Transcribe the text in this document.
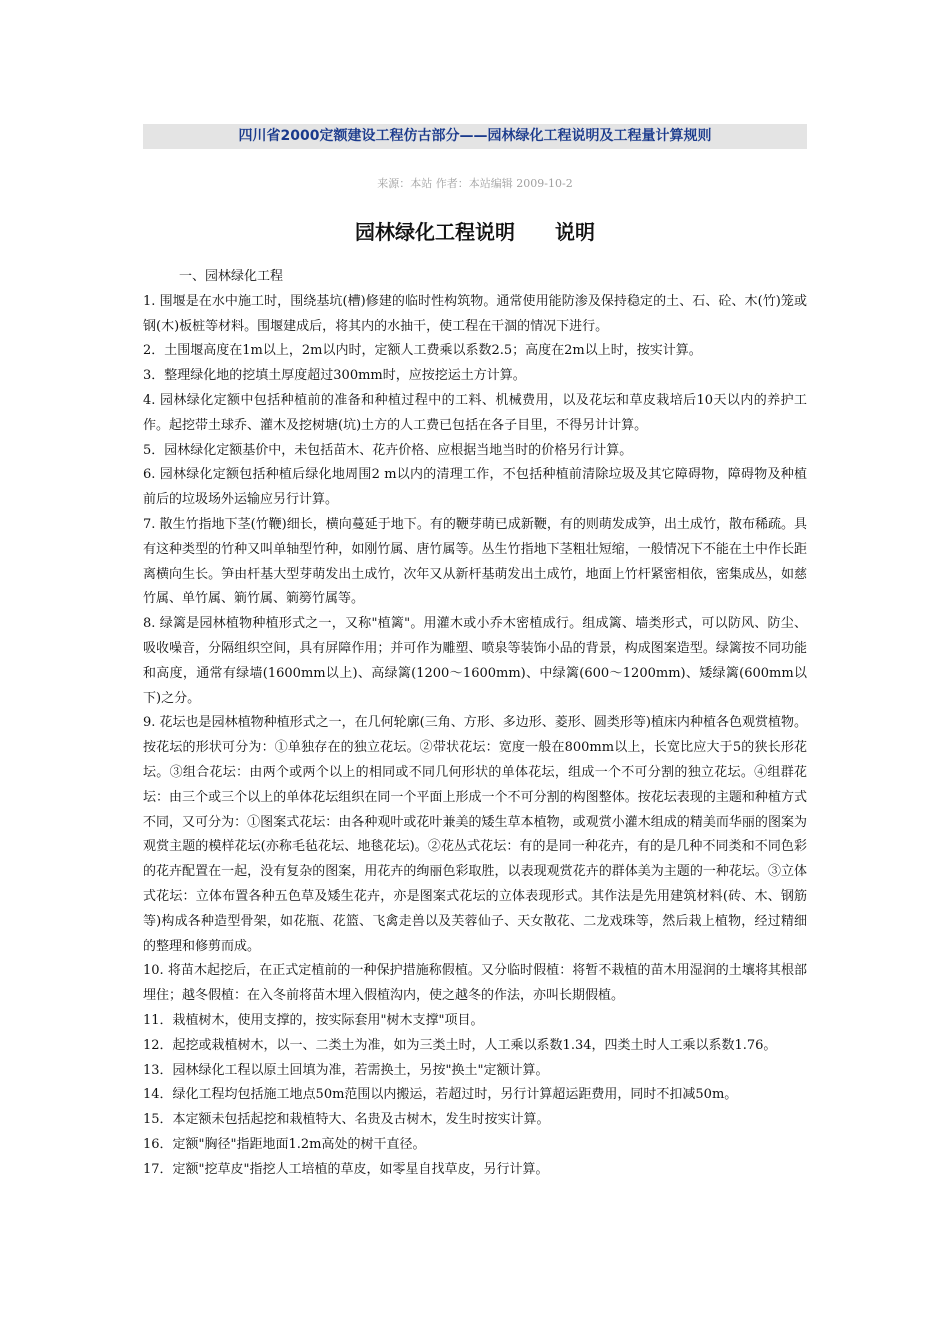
四川省2000定额建设工程仿古部分——园林绿化工程说明及工程量计算规则
来源：本站 作者：本站编辑 2009-10-2
园林绿化工程说明　　说明

一、园林绿化工程

1. 围堰是在水中施工时，围绕基坑(槽)修建的临时性构筑物。通常使用能防渗及保持稳定的土、石、砼、木(竹)笼或钢(木)板桩等材料。围堰建成后，将其内的水抽干，使工程在干涸的情况下进行。

2．土围堰高度在1m以上，2m以内时，定额人工费乘以系数2.5；高度在2m以上时，按实计算。

3．整理绿化地的挖填土厚度超过300mm时，应按挖运土方计算。

4. 园林绿化定额中包括种植前的准备和种植过程中的工料、机械费用，以及花坛和草皮栽培后10天以内的养护工作。起挖带土球乔、灌木及挖树塘(坑)土方的人工费已包括在各子目里，不得另计计算。

5．园林绿化定额基价中，未包括苗木、花卉价格、应根据当地当时的价格另行计算。

6. 园林绿化定额包括种植后绿化地周围2 m以内的清理工作，不包括种植前清除垃圾及其它障碍物，障碍物及种植前后的垃圾场外运输应另行计算。

7. 散生竹指地下茎(竹鞭)细长，横向蔓延于地下。有的鞭芽萌已成新鞭，有的则萌发成笋，出土成竹，散布稀疏。具有这种类型的竹种又叫单轴型竹种，如刚竹属、唐竹属等。丛生竹指地下茎粗壮短缩，一般情况下不能在土中作长距离横向生长。笋由杆基大型芽萌发出土成竹，次年又从新杆基萌发出土成竹，地面上竹杆紧密相依，密集成丛，如慈竹属、单竹属、箣竹属、箣簩竹属等。

8. 绿篱是园林植物种植形式之一，又称"植篱"。用灌木或小乔木密植成行。组成篱、墙类形式，可以防风、防尘、吸收噪音，分隔组织空间，具有屏障作用；并可作为雕塑、喷泉等装饰小品的背景，构成图案造型。绿篱按不同功能和高度，通常有绿墙(1600mm以上)、高绿篱(1200～1600mm)、中绿篱(600～1200mm)、矮绿篱(600mm以下)之分。

9. 花坛也是园林植物种植形式之一，在几何轮廓(三角、方形、多边形、菱形、圆类形等)植床内种植各色观赏植物。按花坛的形状可分为：①单独存在的独立花坛。②带状花坛：宽度一般在800mm以上，长宽比应大于5的狭长形花坛。③组合花坛：由两个或两个以上的相同或不同几何形状的单体花坛，组成一个不可分割的独立花坛。④组群花坛：由三个或三个以上的单体花坛组织在同一个平面上形成一个不可分割的构图整体。按花坛表现的主题和种植方式不同，又可分为：①图案式花坛：由各种观叶或花叶兼美的矮生草本植物，或观赏小灌木组成的精美而华丽的图案为观赏主题的模样花坛(亦称毛毡花坛、地毯花坛)。②花丛式花坛：有的是同一种花卉，有的是几种不同类和不同色彩的花卉配置在一起，没有复杂的图案，用花卉的绚丽色彩取胜，以表现观赏花卉的群体美为主题的一种花坛。③立体式花坛：立体布置各种五色草及矮生花卉，亦是图案式花坛的立体表现形式。其作法是先用建筑材料(砖、木、钢筋等)构成各种造型骨架，如花瓶、花篮、飞禽走兽以及芙蓉仙子、天女散花、二龙戏珠等，然后栽上植物，经过精细的整理和修剪而成。

10. 将苗木起挖后，在正式定植前的一种保护措施称假植。又分临时假植：将暂不栽植的苗木用湿润的土壤将其根部埋住；越冬假植：在入冬前将苗木埋入假植沟内，使之越冬的作法，亦叫长期假植。

11．栽植树木，使用支撑的，按实际套用"树木支撑"项目。

12．起挖或栽植树木，以一、二类土为准，如为三类土时，人工乘以系数1.34，四类土时人工乘以系数1.76。

13．园林绿化工程以原土回填为准，若需换土，另按"换土"定额计算。

14．绿化工程均包括施工地点50m范围以内搬运，若超过时，另行计算超运距费用，同时不扣减50m。

15．本定额未包括起挖和栽植特大、名贵及古树木，发生时按实计算。

16．定额"胸径"指距地面1.2m高处的树干直径。

17．定额"挖草皮"指挖人工培植的草皮，如零星自找草皮，另行计算。
